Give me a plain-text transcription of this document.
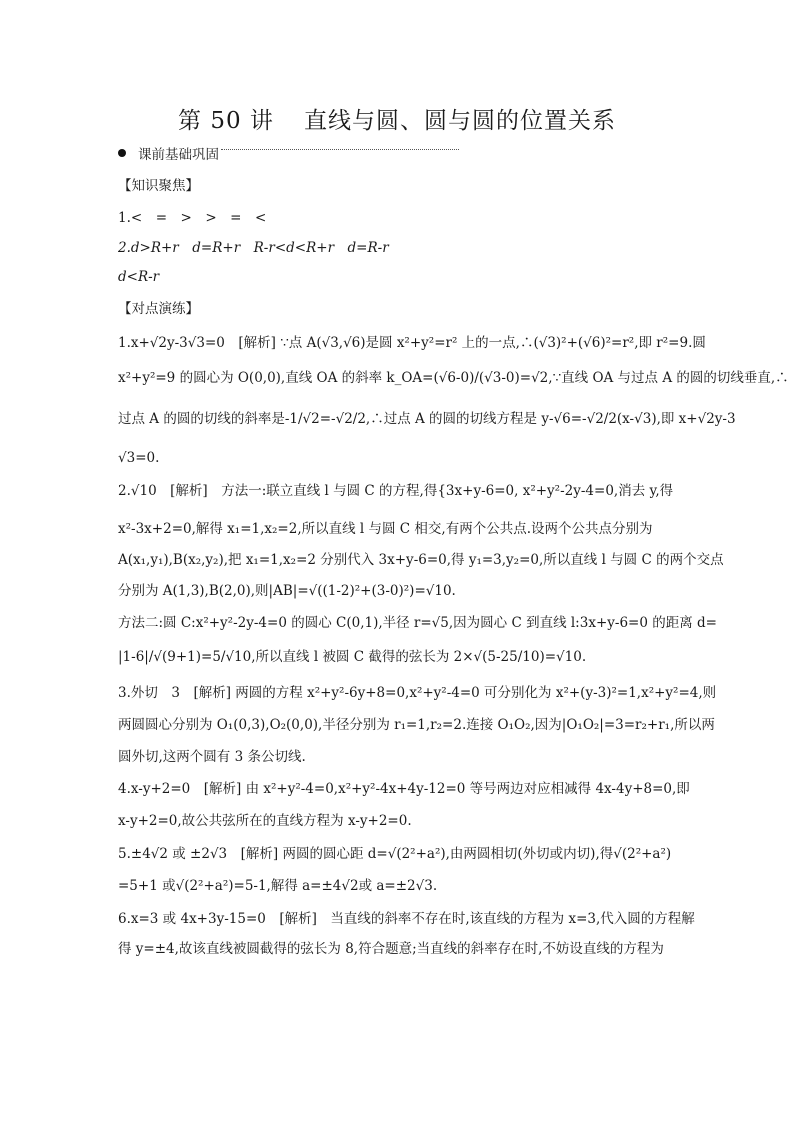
第 50 讲 直线与圆、圆与圆的位置关系
课前基础巩固
【知识聚焦】
1.<　=　>　>　=　<
2.d>R+r　d=R+r　R-r<d<R+r　d=R-r
d<R-r
【对点演练】
1.x+√2y-3√3=0　[解析] ∵点 A(√3,√6)是圆 x²+y²=r² 上的一点,∴(√3)²+(√6)²=r²,即 r²=9.圆
x²+y²=9 的圆心为 O(0,0),直线 OA 的斜率 k_OA=(√6-0)/(√3-0)=√2,∵直线 OA 与过点 A 的圆的切线垂直,∴
过点 A 的圆的切线的斜率是-1/√2=-√2/2,∴过点 A 的圆的切线方程是 y-√6=-√2/2(x-√3),即 x+√2y-3
√3=0.
2.√10　[解析]　方法一:联立直线 l 与圆 C 的方程,得{3x+y-6=0, x²+y²-2y-4=0,消去 y,得
x²-3x+2=0,解得 x₁=1,x₂=2,所以直线 l 与圆 C 相交,有两个公共点.设两个公共点分别为
A(x₁,y₁),B(x₂,y₂),把 x₁=1,x₂=2 分别代入 3x+y-6=0,得 y₁=3,y₂=0,所以直线 l 与圆 C 的两个交点
分别为 A(1,3),B(2,0),则|AB|=√((1-2)²+(3-0)²)=√10.
方法二:圆 C:x²+y²-2y-4=0 的圆心 C(0,1),半径 r=√5,因为圆心 C 到直线 l:3x+y-6=0 的距离 d=
|1-6|/√(9+1)=5/√10,所以直线 l 被圆 C 截得的弦长为 2×√(5-25/10)=√10.
3.外切　3　[解析] 两圆的方程 x²+y²-6y+8=0,x²+y²-4=0 可分别化为 x²+(y-3)²=1,x²+y²=4,则
两圆圆心分别为 O₁(0,3),O₂(0,0),半径分别为 r₁=1,r₂=2.连接 O₁O₂,因为|O₁O₂|=3=r₂+r₁,所以两
圆外切,这两个圆有 3 条公切线.
4.x-y+2=0　[解析] 由 x²+y²-4=0,x²+y²-4x+4y-12=0 等号两边对应相减得 4x-4y+8=0,即
x-y+2=0,故公共弦所在的直线方程为 x-y+2=0.
5.±4√2 或 ±2√3　[解析] 两圆的圆心距 d=√(2²+a²),由两圆相切(外切或内切),得√(2²+a²)
=5+1 或√(2²+a²)=5-1,解得 a=±4√2或 a=±2√3.
6.x=3 或 4x+3y-15=0　[解析]　当直线的斜率不存在时,该直线的方程为 x=3,代入圆的方程解
得 y=±4,故该直线被圆截得的弦长为 8,符合题意;当直线的斜率存在时,不妨设直线的方程为
